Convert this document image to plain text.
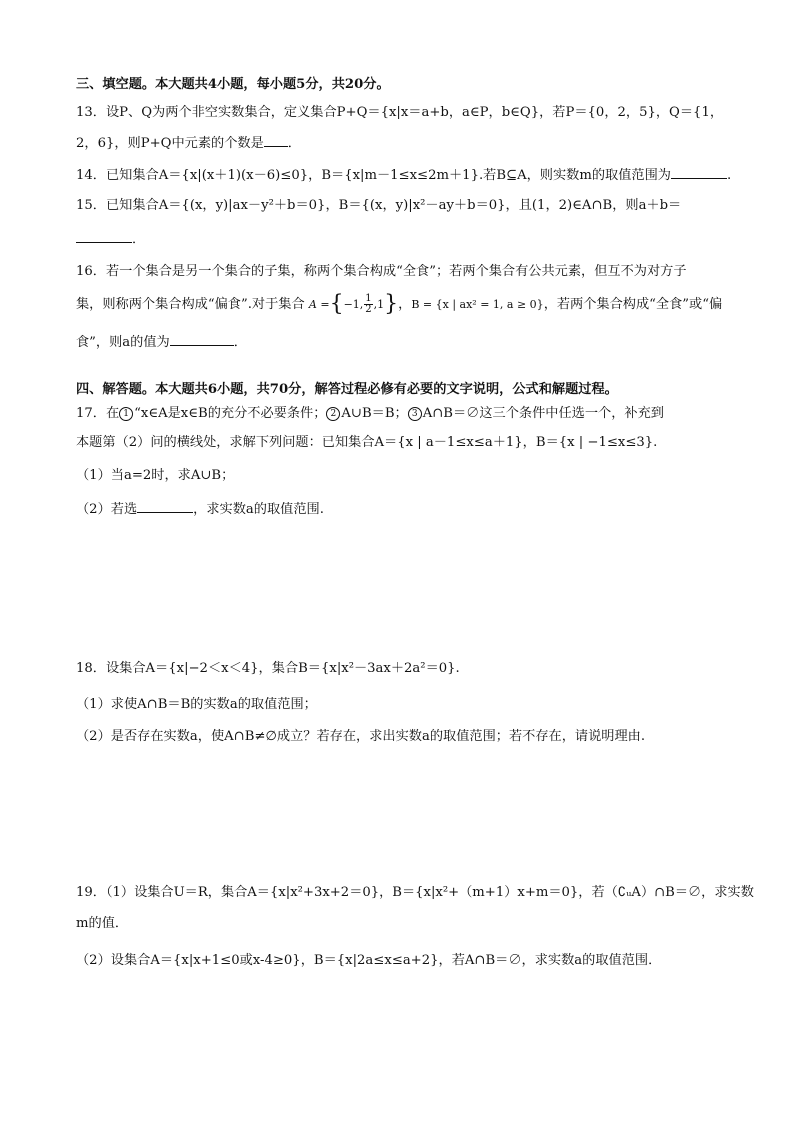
三、填空题。本大题共4小题，每小题5分，共20分。
13．设P、Q为两个非空实数集合，定义集合P+Q＝{x|x＝a+b，a∈P，b∈Q}，若P＝{0，2，5}，Q＝{1，
2，6}，则P+Q中元素的个数是 ．
14．已知集合A＝{x|(x＋1)(x－6)≤0}，B＝{x|m－1≤x≤2m＋1}.若B⊆A，则实数m的取值范围为	.
15．已知集合A＝{(x，y)|ax－y²＋b＝0}，B＝{(x，y)|x²－ay＋b＝0}，且(1，2)∈A∩B，则a＋b＝
．
16．若一个集合是另一个集合的子集，称两个集合构成“全食”；若两个集合有公共元素，但互不为对方子
集，则称两个集合构成“偏食”.对于集合 A ={−1, $\frac{1}{2} ,1$}，B = {x | ax² = 1, a ≥ 0}，若两个集合构成“全食”或“偏
食”，则a的值为	．
四、解答题。本大题共6小题，共70分，解答过程必修有必要的文字说明，公式和解题过程。
17．在 1 “x∈A是x∈B的充分不必要条件； 2 A∪B＝B； 3 A∩B＝∅这三个条件中任选一个，补充到
本题第（2）问的横线处，求解下列问题：已知集合A＝{x | a－1≤x≤a＋1}，B＝{x | −1≤x≤3}.
（1）当a=2时，求A∪B；
（2）若选	，求实数a的取值范围.
18．设集合A＝{x|−2＜x＜4}，集合B＝{x|x²－3ax＋2a²＝0}.
（1）求使A∩B＝B的实数a的取值范围；
（2）是否存在实数a，使A∩B≠∅成立？若存在，求出实数a的取值范围；若不存在，请说明理由.
19．（1）设集合U＝R，集合A＝{x|x²+3x+2＝0}，B＝{x|x²+（m+1）x+m＝0}，若（∁ᵤA）∩B＝∅，求实数
m的值．
（2）设集合A＝{x|x+1≤0或x-4≥0}，B＝{x|2a≤x≤a+2}，若A∩B＝∅，求实数a的取值范围．
